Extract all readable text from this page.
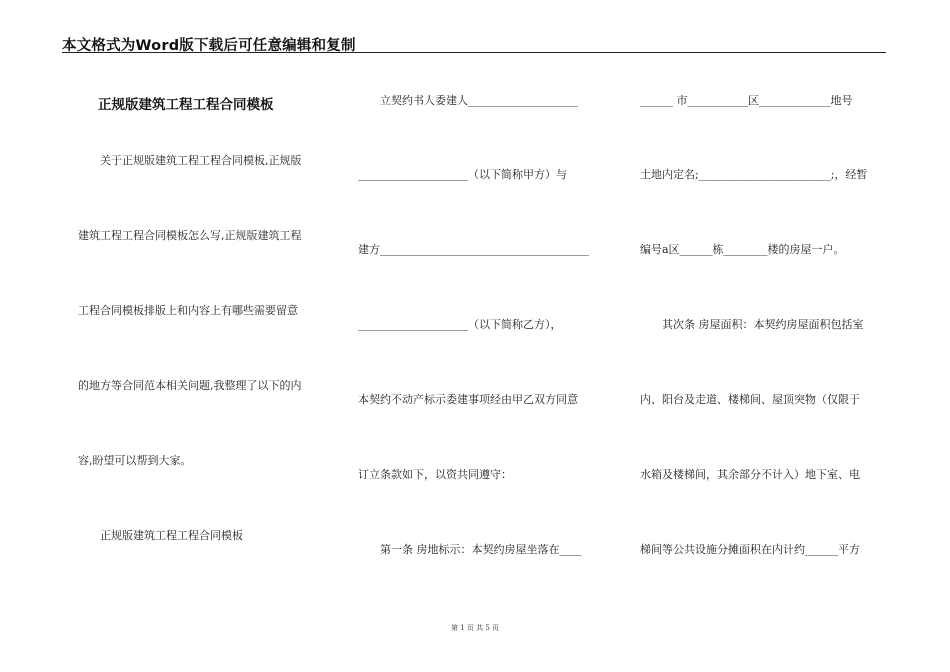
本文格式为Word版下载后可任意编辑和复制
正规版建筑工程工程合同模板
　　关于正规版建筑工程工程合同模板,正规版
建筑工程工程合同模板怎么写,正规版建筑工程
工程合同模板排版上和内容上有哪些需要留意
的地方等合同范本相关问题,我整理了以下的内
容,盼望可以帮到大家。
　　正规版建筑工程工程合同模板
　　立契约书人委建人____________________
____________________（以下简称甲方）与
建方______________________________________
____________________（以下简称乙方），
本契约不动产标示委建事项经由甲乙双方同意
订立条款如下，以资共同遵守：
　　第一条 房地标示：本契约房屋坐落在____
______ 市___________区_____________地号
土地内定名;________________________;，经暂
编号a区______栋________楼的房屋一户。
　　其次条 房屋面积：本契约房屋面积包括室
内、阳台及走道、楼梯间、屋顶突物（仅限于
水箱及楼梯间，其余部分不计入）地下室、电
梯间等公共设施分摊面积在内计约______平方
第 1 页 共 5 页
